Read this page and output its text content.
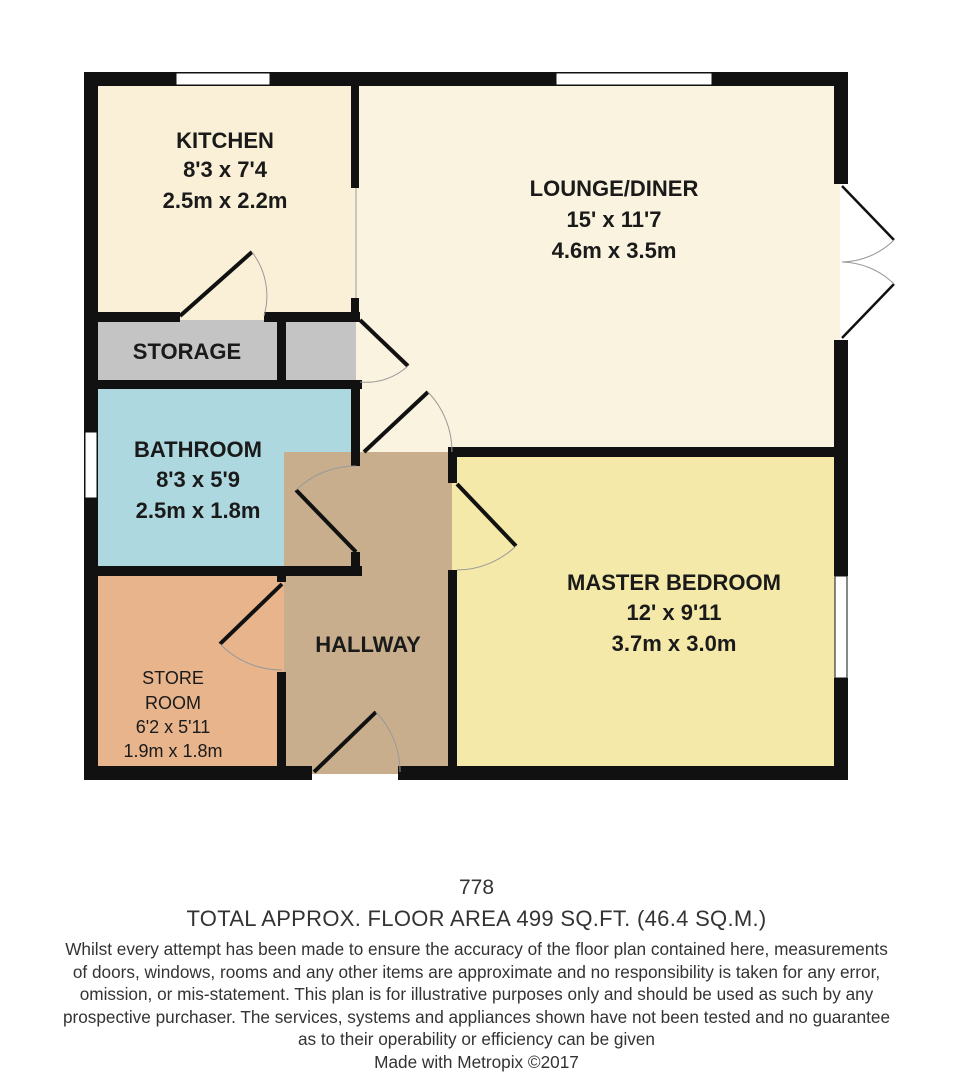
KITCHEN
8'3 x 7'4
2.5m x 2.2m	LOUNGE/DINER
15' x 11'7
4.6m x 3.5m
STORAGE
BATHROOM
8'3 x 5'9
2.5m x 1.8m
HALLWAY
STORE
ROOM
6'2 x 5'11
1.9m x 1.8m
MASTER BEDROOM
12' x 9'11
3.7m x 3.0m
778
TOTAL APPROX. FLOOR AREA 499 SQ.FT. (46.4 SQ.M.)

Whilst every attempt has been made to ensure the accuracy of the floor plan contained here, measurements

of doors, windows, rooms and any other items are approximate and no responsibility is taken for any error,

omission, or mis-statement. This plan is for illustrative purposes only and should be used as such by any

prospective purchaser. The services, systems and appliances shown have not been tested and no guarantee

as to their operability or efficiency can be given

Made with Metropix ©2017
